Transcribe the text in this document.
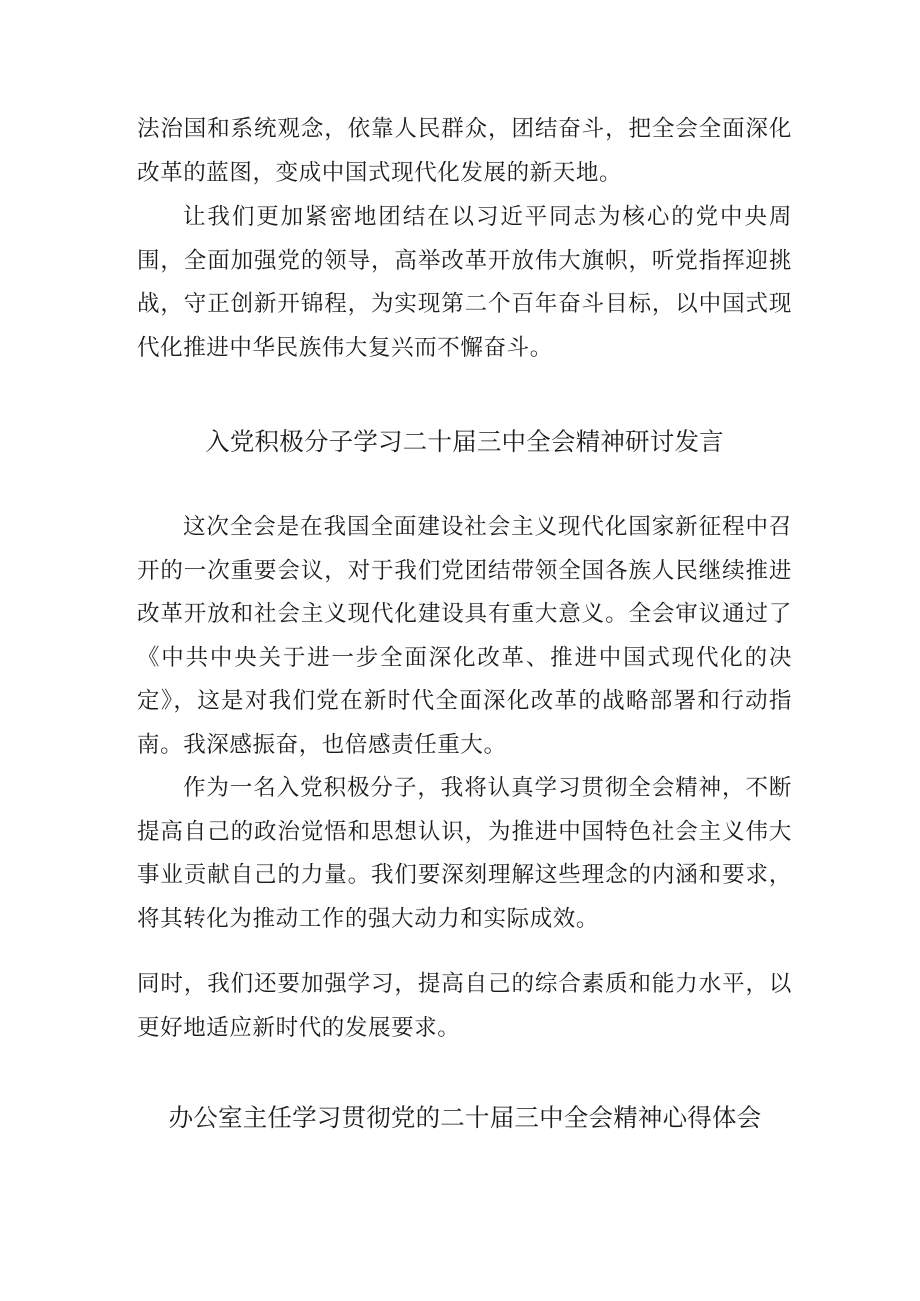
法治国和系统观念，依靠人民群众，团结奋斗，把全会全面深化改革的蓝图，变成中国式现代化发展的新天地。

让我们更加紧密地团结在以习近平同志为核心的党中央周围，全面加强党的领导，高举改革开放伟大旗帜，听党指挥迎挑战，守正创新开锦程，为实现第二个百年奋斗目标，以中国式现代化推进中华民族伟大复兴而不懈奋斗。

入党积极分子学习二十届三中全会精神研讨发言

这次全会是在我国全面建设社会主义现代化国家新征程中召开的一次重要会议，对于我们党团结带领全国各族人民继续推进改革开放和社会主义现代化建设具有重大意义。全会审议通过了《中共中央关于进一步全面深化改革、推进中国式现代化的决定》，这是对我们党在新时代全面深化改革的战略部署和行动指南。我深感振奋，也倍感责任重大。

作为一名入党积极分子，我将认真学习贯彻全会精神，不断提高自己的政治觉悟和思想认识，为推进中国特色社会主义伟大事业贡献自己的力量。我们要深刻理解这些理念的内涵和要求，将其转化为推动工作的强大动力和实际成效。

同时，我们还要加强学习，提高自己的综合素质和能力水平，以更好地适应新时代的发展要求。

办公室主任学习贯彻党的二十届三中全会精神心得体会
